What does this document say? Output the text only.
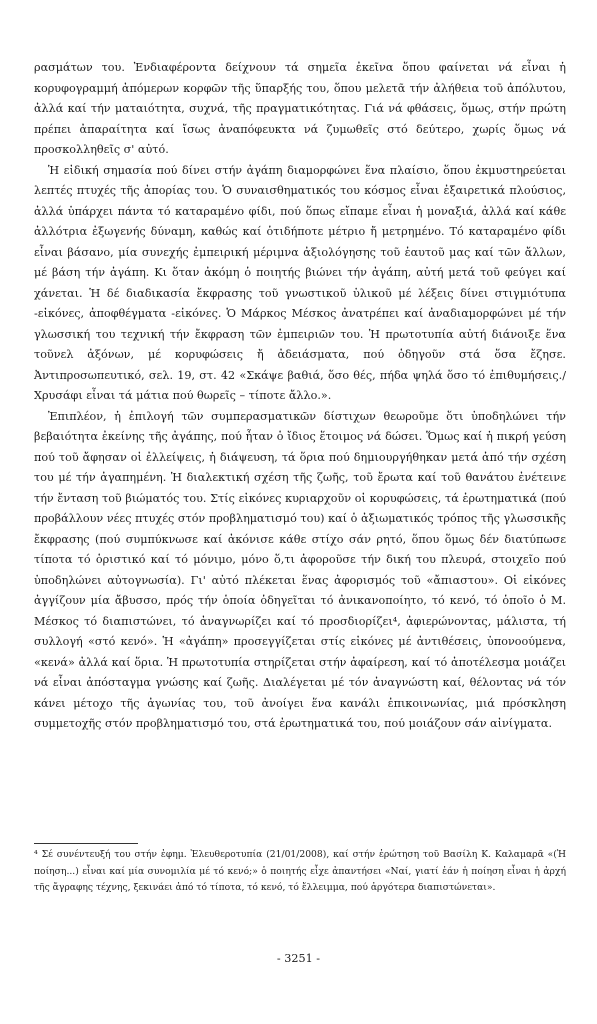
ρασμάτων του. Ἐνδιαφέροντα δείχνουν τά σημεῖα ἐκεῖνα ὅπου φαίνεται νά εἶναι ἡ κορυφογραμμή ἀπόμερων κορφῶν τῆς ὕπαρξής του, ὅπου μελετᾶ τήν ἀλήθεια τοῦ ἀπόλυτου, ἀλλά καί τήν ματαιότητα, συχνά, τῆς πραγματικότητας. Γιά νά φθάσεις, ὅμως, στήν πρώτη πρέπει ἀπαραίτητα καί ἴσως ἀναπόφευκτα νά ζυμωθεῖς στό δεύτερο, χωρίς ὅμως νά προσκολληθεῖς σ' αὐτό.

Ἡ εἰδική σημασία πού δίνει στήν ἀγάπη διαμορφώνει ἕνα πλαίσιο, ὅπου ἐκμυστηρεύεται λεπτές πτυχές τῆς ἀπορίας του. Ὁ συναισθηματικός του κόσμος εἶναι ἐξαιρετικά πλούσιος, ἀλλά ὑπάρχει πάντα τό καταραμένο φίδι, πού ὅπως εἴπαμε εἶναι ἡ μοναξιά, ἀλλά καί κάθε ἀλλότρια ἐξωγενής δύναμη, καθώς καί ὁτιδήποτε μέτριο ἤ μετρημένο. Τό καταραμένο φίδι εἶναι βάσανο, μία συνεχής ἐμπειρική μέριμνα ἀξιολόγησης τοῦ ἑαυτοῦ μας καί τῶν ἄλλων, μέ βάση τήν ἀγάπη. Κι ὅταν ἀκόμη ὁ ποιητής βιώνει τήν ἀγάπη, αὐτή μετά τοῦ φεύγει καί χάνεται. Ἡ δέ διαδικασία ἔκφρασης τοῦ γνωστικοῦ ὑλικοῦ μέ λέξεις δίνει στιγμιότυπα -εἰκόνες, ἀποφθέγματα -εἰκόνες. Ὁ Μάρκος Μέσκος ἀνατρέπει καί ἀναδιαμορφώνει μέ τήν γλωσσική του τεχνική τήν ἔκφραση τῶν ἐμπειριῶν του. Ἡ πρωτοτυπία αὐτή διάνοιξε ἕνα τοῦνελ ἀξόνων, μέ κορυφώσεις ἤ ἀδειάσματα, πού ὁδηγοῦν στά ὅσα ἔζησε. Ἀντιπροσωπευτικό, σελ. 19, στ. 42 «Σκάψε βαθιά, ὅσο θές, πήδα ψηλά ὅσο τό ἐπιθυμήσεις./Χρυσάφι εἶναι τά μάτια πού θωρεῖς – τίποτε ἄλλο.».

Ἐπιπλέον, ἡ ἐπιλογή τῶν συμπερασματικῶν δίστιχων θεωροῦμε ὅτι ὑποδηλώνει τήν βεβαιότητα ἐκείνης τῆς ἀγάπης, πού ἦταν ὁ ἴδιος ἕτοιμος νά δώσει. Ὅμως καί ἡ πικρή γεύση πού τοῦ ἄφησαν οἱ ἐλλείψεις, ἡ διάψευση, τά ὅρια πού δημιουργήθηκαν μετά ἀπό τήν σχέση του μέ τήν ἀγαπημένη. Ἡ διαλεκτική σχέση τῆς ζωῆς, τοῦ ἔρωτα καί τοῦ θανάτου ἐνέτεινε τήν ἔνταση τοῦ βιώματός του. Στίς εἰκόνες κυριαρχοῦν οἱ κορυφώσεις, τά ἐρωτηματικά (πού προβάλλουν νέες πτυχές στόν προβληματισμό του) καί ὁ ἀξιωματικός τρόπος τῆς γλωσσικῆς ἔκφρασης (πού συμπύκνωσε καί ἀκόνισε κάθε στίχο σάν ρητό, ὅπου ὅμως δέν διατύπωσε τίποτα τό ὁριστικό καί τό μόνιμο, μόνο ὅ,τι ἀφοροῦσε τήν δική του πλευρά, στοιχεῖο πού ὑποδηλώνει αὐτογνωσία). Γι' αὐτό πλέκεται ἕνας ἀφορισμός τοῦ «ἄπιαστου». Οἱ εἰκόνες ἀγγίζουν μία ἄβυσσο, πρός τήν ὁποία ὁδηγεῖται τό ἀνικανοποίητο, τό κενό, τό ὁποῖο ὁ Μ. Μέσκος τό διαπιστώνει, τό ἀναγνωρίζει καί τό προσδιορίζει⁴, ἀφιερώνοντας, μάλιστα, τή συλλογή «στό κενό». Ἡ «ἀγάπη» προσεγγίζεται στίς εἰκόνες μέ ἀντιθέσεις, ὑπονοούμενα, «κενά» ἀλλά καί ὅρια. Ἡ πρωτοτυπία στηρίζεται στήν ἀφαίρεση, καί τό ἀποτέλεσμα μοιάζει νά εἶναι ἀπόσταγμα γνώσης καί ζωῆς. Διαλέγεται μέ τόν ἀναγνώστη καί, θέλοντας νά τόν κάνει μέτοχο τῆς ἀγωνίας του, τοῦ ἀνοίγει ἕνα κανάλι ἐπικοινωνίας, μιά πρόσκληση συμμετοχῆς στόν προβληματισμό του, στά ἐρωτηματικά του, πού μοιάζουν σάν αἰνίγματα.

⁴ Σέ συνέντευξή του στήν ἐφημ. Ἐλευθεροτυπία (21/01/2008), καί στήν ἐρώτηση τοῦ Βασίλη Κ. Καλαμαρᾶ «(Ἡ ποίηση...) εἶναι καί μία συνομιλία μέ τό κενό;» ὁ ποιητής εἶχε ἀπαντήσει «Ναί, γιατί ἐάν ἡ ποίηση εἶναι ἡ ἀρχή τῆς ἄγραφης τέχνης, ξεκινάει ἀπό τό τίποτα, τό κενό, τό ἔλλειμμα, πού ἀργότερα διαπιστώνεται».

- 3251 -
